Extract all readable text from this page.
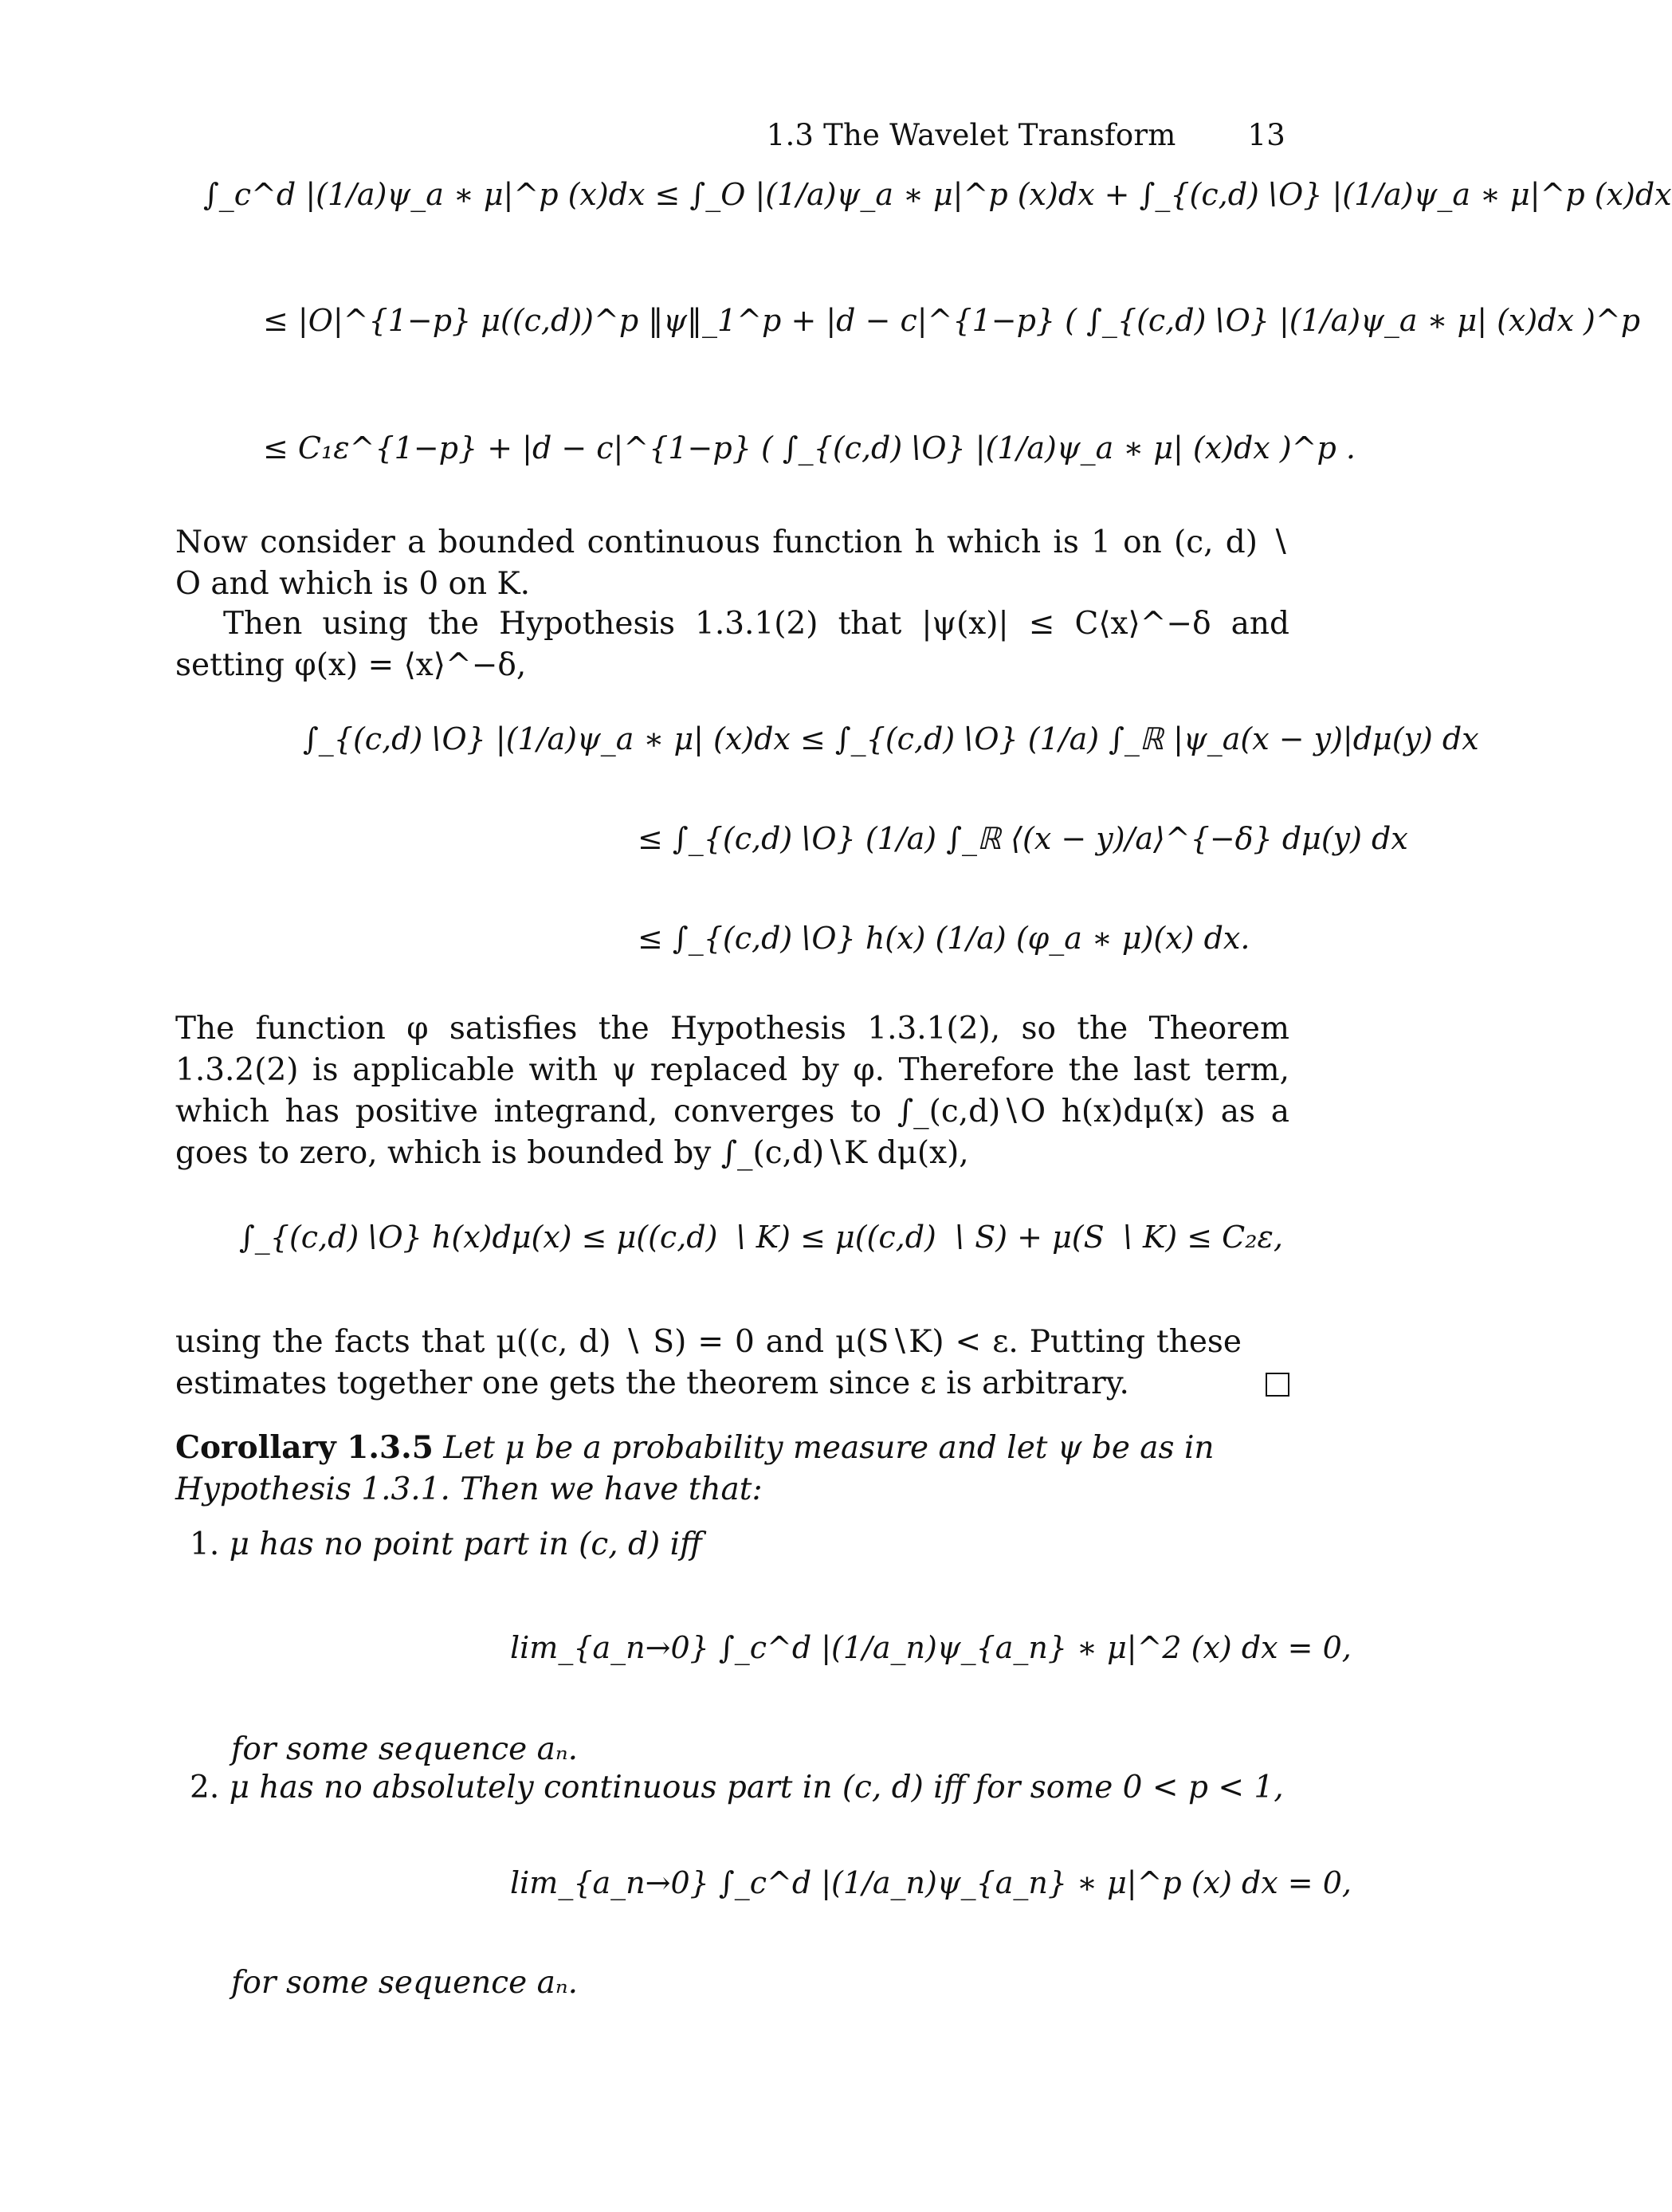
1.3 The Wavelet Transform 13
∫_c^d |(1/a)ψ_a ∗ μ|^p (x)dx ≤ ∫_O |(1/a)ψ_a ∗ μ|^p (x)dx + ∫_{(c,d)∖O} |(1/a)ψ_a ∗ μ|^p (x)dx
≤ |O|^{1−p} μ((c,d))^p ‖ψ‖_1^p + |d − c|^{1−p} ( ∫_{(c,d)∖O} |(1/a)ψ_a ∗ μ| (x)dx )^p
≤ C₁ε^{1−p} + |d − c|^{1−p} ( ∫_{(c,d)∖O} |(1/a)ψ_a ∗ μ| (x)dx )^p .

Now consider a bounded continuous function h which is 1 on (c, d) ∖ O and which is 0 on K.

Then using the Hypothesis 1.3.1(2) that |ψ(x)| ≤ C⟨x⟩^−δ and setting φ(x) = ⟨x⟩^−δ,

∫_{(c,d)∖O} |(1/a)ψ_a ∗ μ| (x)dx ≤ ∫_{(c,d)∖O} (1/a) ∫_ℝ |ψ_a(x − y)|dμ(y) dx
≤ ∫_{(c,d)∖O} (1/a) ∫_ℝ ⟨(x − y)/a⟩^{−δ} dμ(y) dx
≤ ∫_{(c,d)∖O} h(x) (1/a) (φ_a ∗ μ)(x) dx.

The function φ satisfies the Hypothesis 1.3.1(2), so the Theorem 1.3.2(2) is applicable with ψ replaced by φ. Therefore the last term, which has positive integrand, converges to ∫_(c,d)∖O h(x)dμ(x) as a goes to zero, which is bounded by ∫_(c,d)∖K dμ(x),

∫_{(c,d)∖O} h(x)dμ(x) ≤ μ((c,d) ∖ K) ≤ μ((c,d) ∖ S) + μ(S ∖ K) ≤ C₂ε,

using the facts that μ((c, d) ∖ S) = 0 and μ(S∖K) < ε. Putting these estimates together one gets the theorem since ε is arbitrary.

Corollary 1.3.5 Let μ be a probability measure and let ψ be as in Hypothesis 1.3.1. Then we have that:

1. μ has no point part in (c, d) iff
lim_{a_n→0} ∫_c^d |(1/a_n)ψ_{a_n} ∗ μ|^2 (x) dx = 0,
for some sequence aₙ.
2. μ has no absolutely continuous part in (c, d) iff for some 0 < p < 1,
lim_{a_n→0} ∫_c^d |(1/a_n)ψ_{a_n} ∗ μ|^p (x) dx = 0,
for some sequence aₙ.
